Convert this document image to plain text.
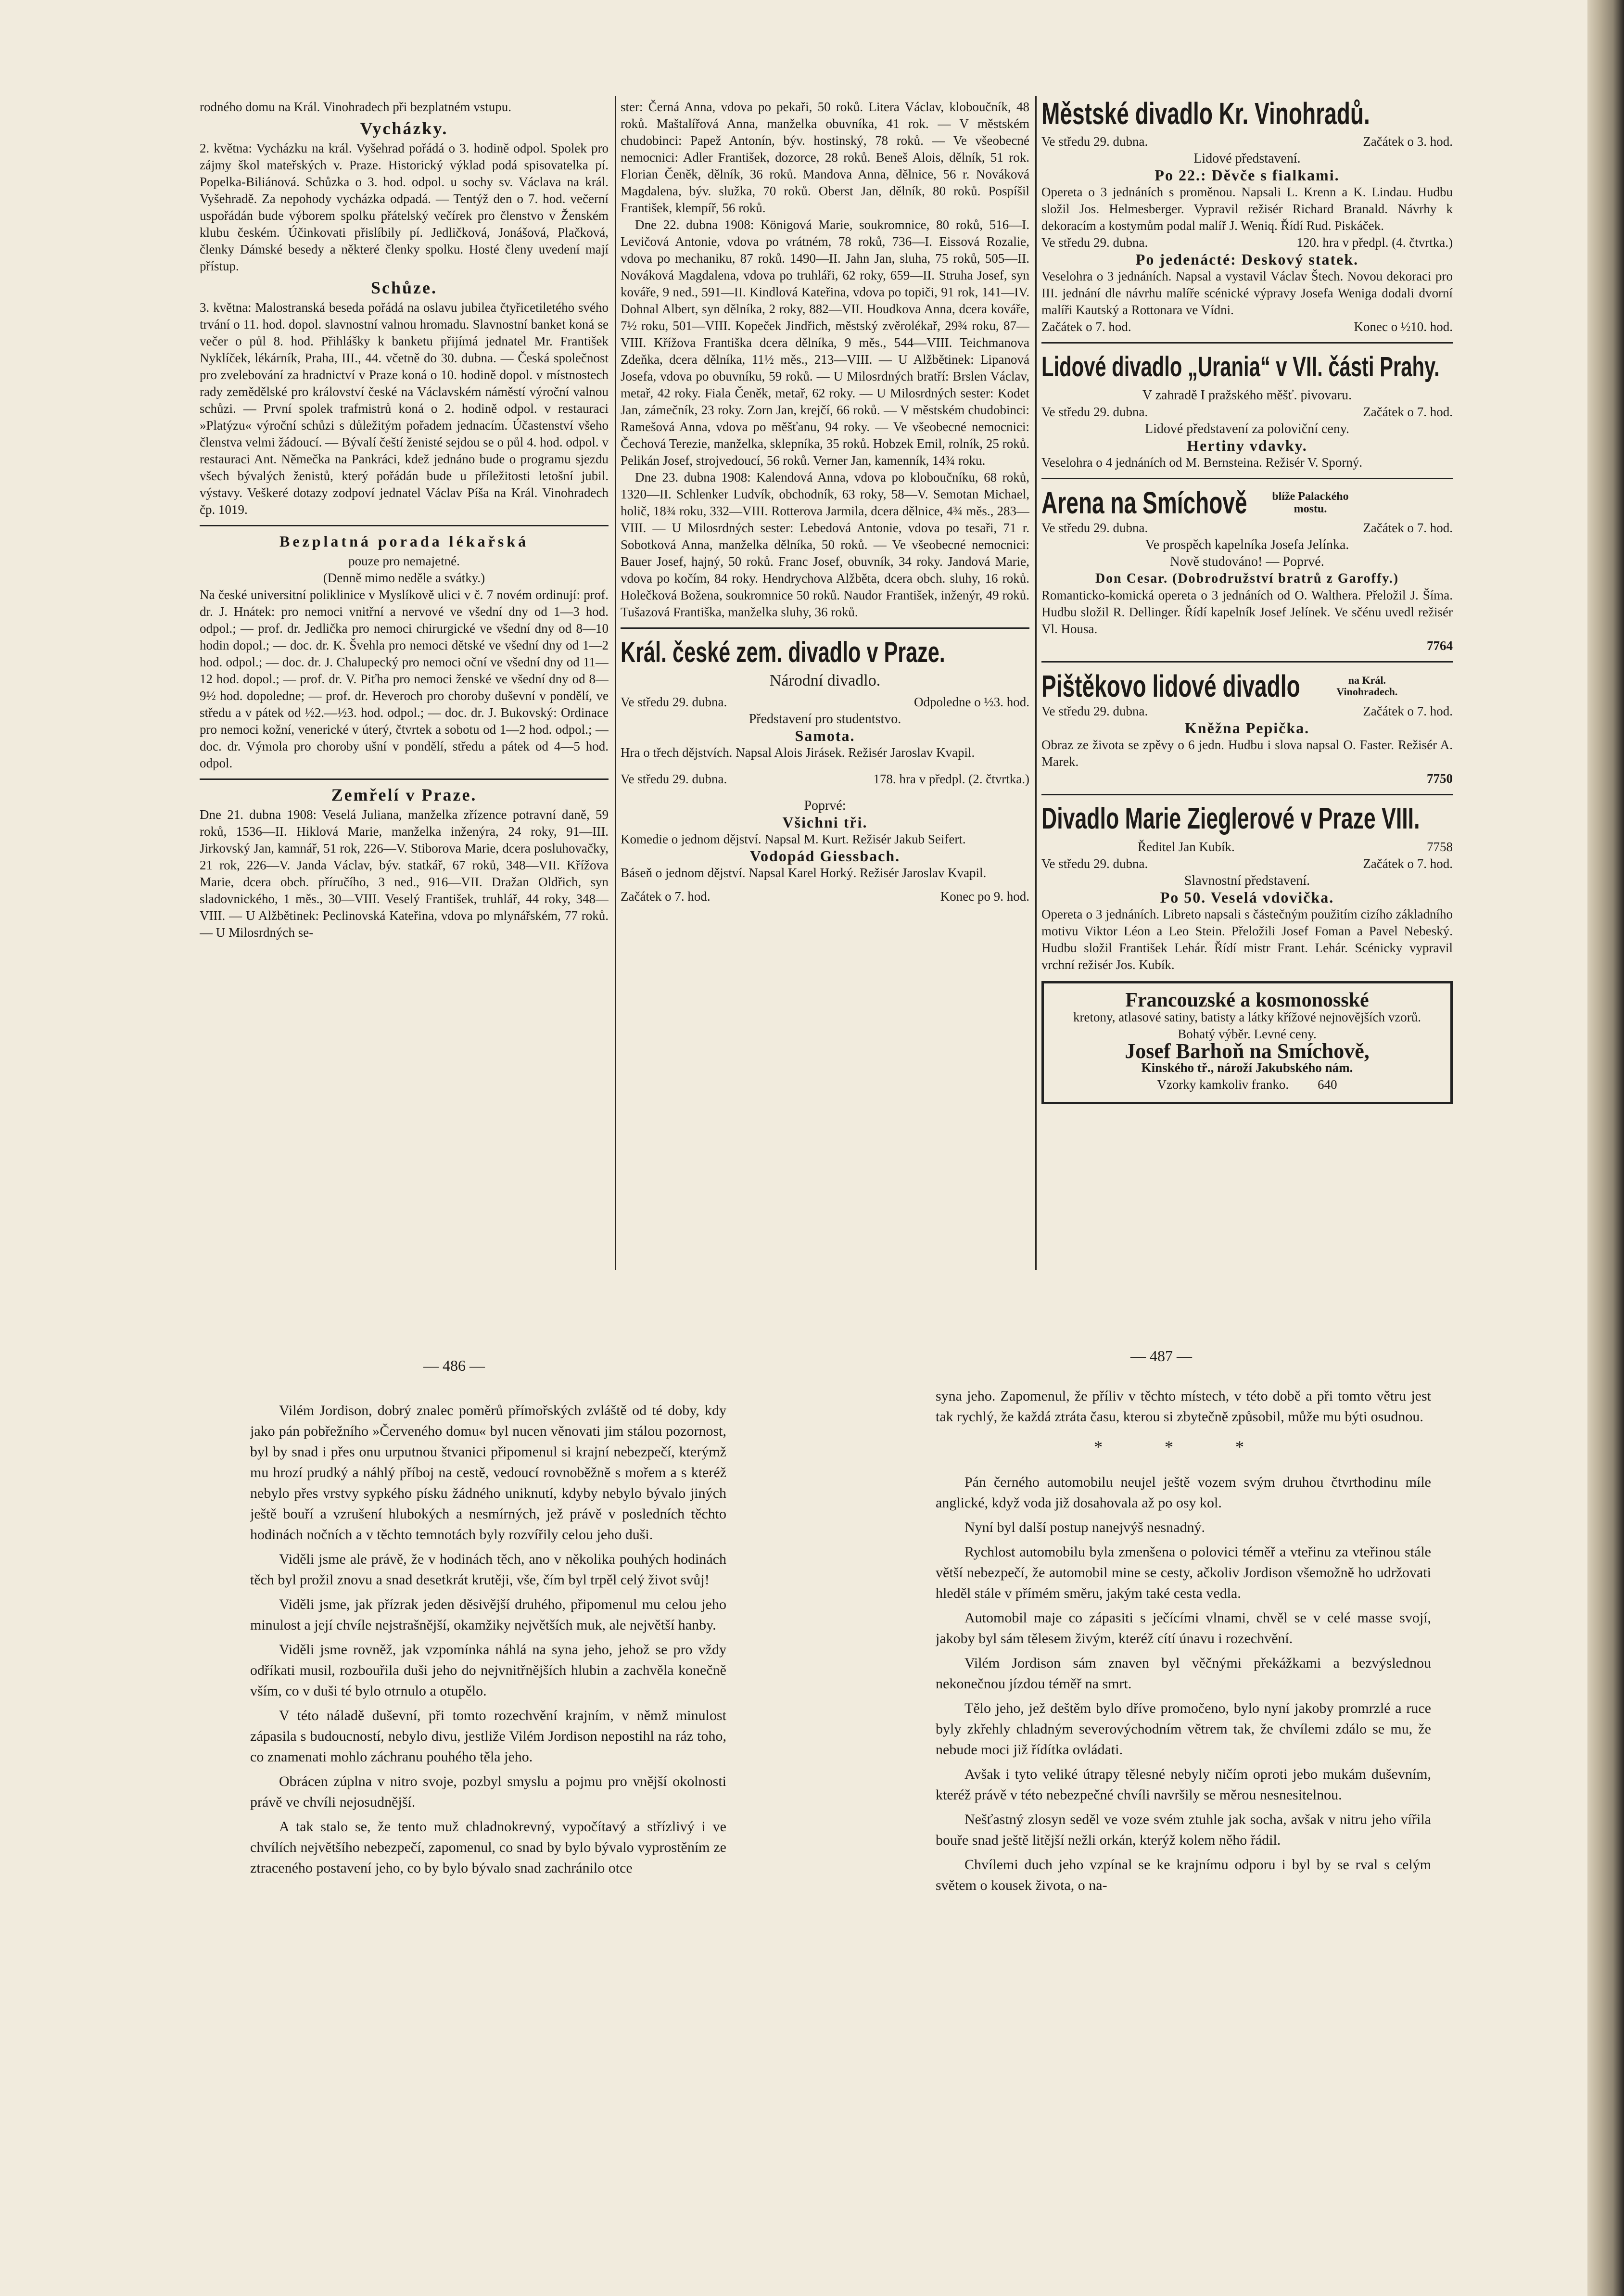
rodného domu na Král. Vinohradech při bezplatném vstupu.

Vycházky.

2. května: Vycházku na král. Vyšehrad pořádá o 3. hodině odpol. Spolek pro zájmy škol mateřských v. Praze. Historický výklad podá spisovatelka pí. Popelka-Biliánová. Schůzka o 3. hod. odpol. u sochy sv. Václava na král. Vyšehradě. Za nepohody vycházka odpadá. — Tentýž den o 7. hod. večerní uspořádán bude výborem spolku přátelský večírek pro členstvo v Ženském klubu českém. Účinkovati přislíbily pí. Jedličková, Jonášová, Plačková, členky Dámské besedy a některé členky spolku. Hosté členy uvedení mají přístup.

Schůze.

3. května: Malostranská beseda pořádá na oslavu jubilea čtyřicetiletého svého trvání o 11. hod. dopol. slavnostní valnou hromadu. Slavnostní banket koná se večer o půl 8. hod. Přihlášky k banketu přijímá jednatel Mr. František Nyklíček, lékárník, Praha, III., 44. včetně do 30. dubna. — Česká společnost pro zvelebování za hradnictví v Praze koná o 10. hodině dopol. v místnostech rady zemědělské pro království české na Václavském náměstí výroční valnou schůzi. — První spolek trafmistrů koná o 2. hodině odpol. v restauraci »Platýzu« výroční schůzi s důležitým pořadem jednacím. Účastenství všeho členstva velmi žádoucí. — Bývalí čeští ženisté sejdou se o půl 4. hod. odpol. v restauraci Ant. Němečka na Pankráci, kdež jednáno bude o programu sjezdu všech bývalých ženistů, který pořádán bude u příležitosti letošní jubil. výstavy. Veškeré dotazy zodpoví jednatel Václav Píša na Král. Vinohradech čp. 1019.

Bezplatná porada lékařská
pouze pro nemajetné.
(Denně mimo neděle a svátky.)

Na české universitní poliklinice v Myslíkově ulici v č. 7 novém ordinují: prof. dr. J. Hnátek: pro nemoci vnitřní a nervové ve všední dny od 1—3 hod. odpol.; — prof. dr. Jedlička pro nemoci chirurgické ve všední dny od 8—10 hodin dopol.; — doc. dr. K. Švehla pro nemoci dětské ve všední dny od 1—2 hod. odpol.; — doc. dr. J. Chalupecký pro nemoci oční ve všední dny od 11—12 hod. dopol.; — prof. dr. V. Piťha pro nemoci ženské ve všední dny od 8—9½ hod. dopoledne; — prof. dr. Heveroch pro choroby duševní v pondělí, ve středu a v pátek od ½2.—½3. hod. odpol.; — doc. dr. J. Bukovský: Ordinace pro nemoci kožní, venerické v úterý, čtvrtek a sobotu od 1—2 hod. odpol.; — doc. dr. Výmola pro choroby ušní v pondělí, středu a pátek od 4—5 hod. odpol.

Zemřelí v Praze.

Dne 21. dubna 1908: Veselá Juliana, manželka zřízence potravní daně, 59 roků, 1536—II. Hiklová Marie, manželka inženýra, 24 roky, 91—III. Jirkovský Jan, kamnář, 51 rok, 226—V. Stiborova Marie, dcera posluhovačky, 21 rok, 226—V. Janda Václav, býv. statkář, 67 roků, 348—VII. Křížova Marie, dcera obch. příručího, 3 ned., 916—VII. Dražan Oldřich, syn sladovnického, 1 měs., 30—VIII. Veselý František, truhlář, 44 roky, 348—VIII. — U Alžbětinek: Peclinovská Kateřina, vdova po mlynářském, 77 roků. — U Milosrdných se-

ster: Černá Anna, vdova po pekaři, 50 roků. Litera Václav, kloboučník, 48 roků. Maštalířová Anna, manželka obuvníka, 41 rok. — V městském chudobinci: Papež Antonín, býv. hostinský, 78 roků. — Ve všeobecné nemocnici: Adler František, dozorce, 28 roků. Beneš Alois, dělník, 51 rok. Florian Čeněk, dělník, 36 roků. Mandova Anna, dělnice, 56 r. Nováková Magdalena, býv. služka, 70 roků. Oberst Jan, dělník, 80 roků. Pospíšil František, klempíř, 56 roků.

Dne 22. dubna 1908: Königová Marie, soukromnice, 80 roků, 516—I. Levičová Antonie, vdova po vrátném, 78 roků, 736—I. Eissová Rozalie, vdova po mechaniku, 87 roků. 1490—II. Jahn Jan, sluha, 75 roků, 505—II. Nováková Magdalena, vdova po truhláři, 62 roky, 659—II. Struha Josef, syn kováře, 9 ned., 591—II. Kindlová Kateřina, vdova po topiči, 91 rok, 141—IV. Dohnal Albert, syn dělníka, 2 roky, 882—VII. Houdkova Anna, dcera kováře, 7½ roku, 501—VIII. Kopeček Jindřich, městský zvěrolékař, 29¾ roku, 87—VIII. Křížova Františka dcera dělníka, 9 měs., 544—VIII. Teichmanova Zdeňka, dcera dělníka, 11½ měs., 213—VIII. — U Alžbětinek: Lipanová Josefa, vdova po obuvníku, 59 roků. — U Milosrdných bratří: Brslen Václav, metař, 42 roky. Fiala Čeněk, metař, 62 roky. — U Milosrdných sester: Kodet Jan, zámečník, 23 roky. Zorn Jan, krejčí, 66 roků. — V městském chudobinci: Ramešová Anna, vdova po měšťanu, 94 roky. — Ve všeobecné nemocnici: Čechová Terezie, manželka, sklepníka, 35 roků. Hobzek Emil, rolník, 25 roků. Pelikán Josef, strojvedoucí, 56 roků. Verner Jan, kamenník, 14¾ roku.

Dne 23. dubna 1908: Kalendová Anna, vdova po kloboučníku, 68 roků, 1320—II. Schlenker Ludvík, obchodník, 63 roky, 58—V. Semotan Michael, holič, 18¾ roku, 332—VIII. Rotterova Jarmila, dcera dělnice, 4¾ měs., 283—VIII. — U Milosrdných sester: Lebedová Antonie, vdova po tesaři, 71 r. Sobotková Anna, manželka dělníka, 50 roků. — Ve všeobecné nemocnici: Bauer Josef, hajný, 50 roků. Franc Josef, obuvník, 34 roky. Jandová Marie, vdova po kočím, 84 roky. Hendrychova Alžběta, dcera obch. sluhy, 16 roků. Holečková Božena, soukromnice 50 roků. Naudor František, inženýr, 49 roků. Tušazová Františka, manželka sluhy, 36 roků.

Král. české zem. divadlo v Praze.
Národní divadlo.
Ve středu 29. dubna.	Odpoledne o ½3. hod.
Představení pro studentstvo.
Samota.

Hra o třech dějstvích. Napsal Alois Jirásek. Režisér Jaroslav Kvapil.

Ve středu 29. dubna.	178. hra v předpl. (2. čtvrtka.)
Poprvé:
Všichni tři.

Komedie o jednom dějství. Napsal M. Kurt. Režisér Jakub Seifert.

Vodopád Giessbach.

Báseň o jednom dějství. Napsal Karel Horký. Režisér Jaroslav Kvapil.

Začátek o 7. hod.	Konec po 9. hod.
Městské divadlo Kr. Vinohradů.
Ve středu 29. dubna.	Začátek o 3. hod.
Lidové představení.
Po 22.: Děvče s fialkami.

Opereta o 3 jednáních s proměnou. Napsali L. Krenn a K. Lindau. Hudbu složil Jos. Helmesberger. Vypravil režisér Richard Branald. Návrhy k dekoracím a kostymům podal malíř J. Weniq. Řídí Rud. Piskáček.

Ve středu 29. dubna.	120. hra v předpl. (4. čtvrtka.)
Po jedenácté: Deskový statek.

Veselohra o 3 jednáních. Napsal a vystavil Václav Štech. Novou dekoraci pro III. jednání dle návrhu malíře scénické výpravy Josefa Weniga dodali dvorní malíři Kautský a Rottonara ve Vídni.

Začátek o 7. hod.	Konec o ½10. hod.
Lidové divadlo „Urania“ v VII. části Prahy.
V zahradě I pražského měšť. pivovaru.
Ve středu 29. dubna.	Začátek o 7. hod.
Lidové představení za poloviční ceny.
Hertiny vdavky.

Veselohra o 4 jednáních od M. Bernsteina. Režisér V. Sporný.

Arena na Smíchově blíže Palackého mostu.
Ve středu 29. dubna.	Začátek o 7. hod.
Ve prospěch kapelníka Josefa Jelínka.
Nově studováno! — Poprvé.
Don Cesar. (Dobrodružství bratrů z Garoffy.)

Romanticko-komická opereta o 3 jednáních od O. Walthera. Přeložil J. Šíma. Hudbu složil R. Dellinger. Řídí kapelník Josef Jelínek. Ve sčénu uvedl režisér Vl. Housa.

7764
Pištěkovo lidové divadlo	na Král. Vinohradech.
Ve středu 29. dubna.	Začátek o 7. hod.
Kněžna Pepička.

Obraz ze života se zpěvy o 6 jedn. Hudbu i slova napsal O. Faster. Režisér A. Marek.

7750
Divadlo Marie Zieglerové v Praze VIII.
Ředitel Jan Kubík.	7758
Ve středu 29. dubna.	Začátek o 7. hod.
Slavnostní představení.
Po 50. Veselá vdovička.

Opereta o 3 jednáních. Libreto napsali s částečným použitím cizího základního motivu Viktor Léon a Leo Stein. Přeložili Josef Foman a Pavel Nebeský. Hudbu složil František Lehár. Řídí mistr Frant. Lehár. Scénicky vypravil vrchní režisér Jos. Kubík.

Francouzské a kosmonosské
kretony, atlasové satiny, batisty a látky křížové nejnovějších vzorů. Bohatý výběr. Levné ceny.
Josef Barhoň na Smíchově,
Kinského tř., nároží Jakubského nám.
Vzorky kamkoliv franko. 640
— 486 —
— 487 —

Vilém Jordison, dobrý znalec poměrů přímořských zvláště od té doby, kdy jako pán pobřežního »Červeného domu« byl nucen věnovati jim stálou pozornost, byl by snad i přes onu urputnou štvanici připomenul si krajní nebezpečí, kterýmž mu hrozí prudký a náhlý příboj na cestě, vedoucí rovnoběžně s mořem a s kteréž nebylo přes vrstvy sypkého písku žádného uniknutí, kdyby nebylo bývalo jiných ještě bouří a vzrušení hlubokých a nesmírných, jež právě v posledních těchto hodinách nočních a v těchto temnotách byly rozvířily celou jeho duši.

Viděli jsme ale právě, že v hodinách těch, ano v několika pouhých hodinách těch byl prožil znovu a snad desetkrát krutěji, vše, čím byl trpěl celý život svůj!

Viděli jsme, jak přízrak jeden děsivější druhého, připomenul mu celou jeho minulost a její chvíle nejstrašnější, okamžiky největších muk, ale největší hanby.

Viděli jsme rovněž, jak vzpomínka náhlá na syna jeho, jehož se pro vždy odříkati musil, rozbouřila duši jeho do nejvnitřnějších hlubin a zachvěla konečně vším, co v duši té bylo otrnulo a otupělo.

V této náladě duševní, při tomto rozechvění krajním, v němž minulost zápasila s budoucností, nebylo divu, jestliže Vilém Jordison nepostihl na ráz toho, co znamenati mohlo záchranu pouhého těla jeho.

Obrácen zúplna v nitro svoje, pozbyl smyslu a pojmu pro vnější okolnosti právě ve chvíli nejosudnější.

A tak stalo se, že tento muž chladnokrevný, vypočítavý a střízlivý i ve chvílích největšího nebezpečí, zapomenul, co snad by bylo bývalo vyprostěním ze ztraceného postavení jeho, co by bylo bývalo snad zachránilo otce

syna jeho. Zapomenul, že příliv v těchto místech, v této době a při tomto větru jest tak rychlý, že každá ztráta času, kterou si zbytečně způsobil, může mu býti osudnou.

* * *

Pán černého automobilu neujel ještě vozem svým druhou čtvrthodinu míle anglické, když voda již dosahovala až po osy kol.

Nyní byl další postup nanejvýš nesnadný.

Rychlost automobilu byla zmenšena o polovici téměř a vteřinu za vteřinou stále větší nebezpečí, že automobil mine se cesty, ačkoliv Jordison všemožně ho udržovati hleděl stále v přímém směru, jakým také cesta vedla.

Automobil maje co zápasiti s ječícími vlnami, chvěl se v celé masse svojí, jakoby byl sám tělesem živým, kteréž cítí únavu i rozechvění.

Vilém Jordison sám znaven byl věčnými překážkami a bezvýslednou nekonečnou jízdou téměř na smrt.

Tělo jeho, jež deštěm bylo dříve promočeno, bylo nyní jakoby promrzlé a ruce byly zkřehly chladným severovýchodním větrem tak, že chvílemi zdálo se mu, že nebude moci již řídítka ovládati.

Avšak i tyto veliké útrapy tělesné nebyly ničím oproti jebo mukám duševním, kteréž právě v této nebezpečné chvíli navršily se měrou nesnesitelnou.

Nešťastný zlosyn seděl ve voze svém ztuhle jak socha, avšak v nitru jeho vířila bouře snad ještě litější nežli orkán, kterýž kolem něho řádil.

Chvílemi duch jeho vzpínal se ke krajnímu odporu i byl by se rval s celým světem o kousek života, o na-
